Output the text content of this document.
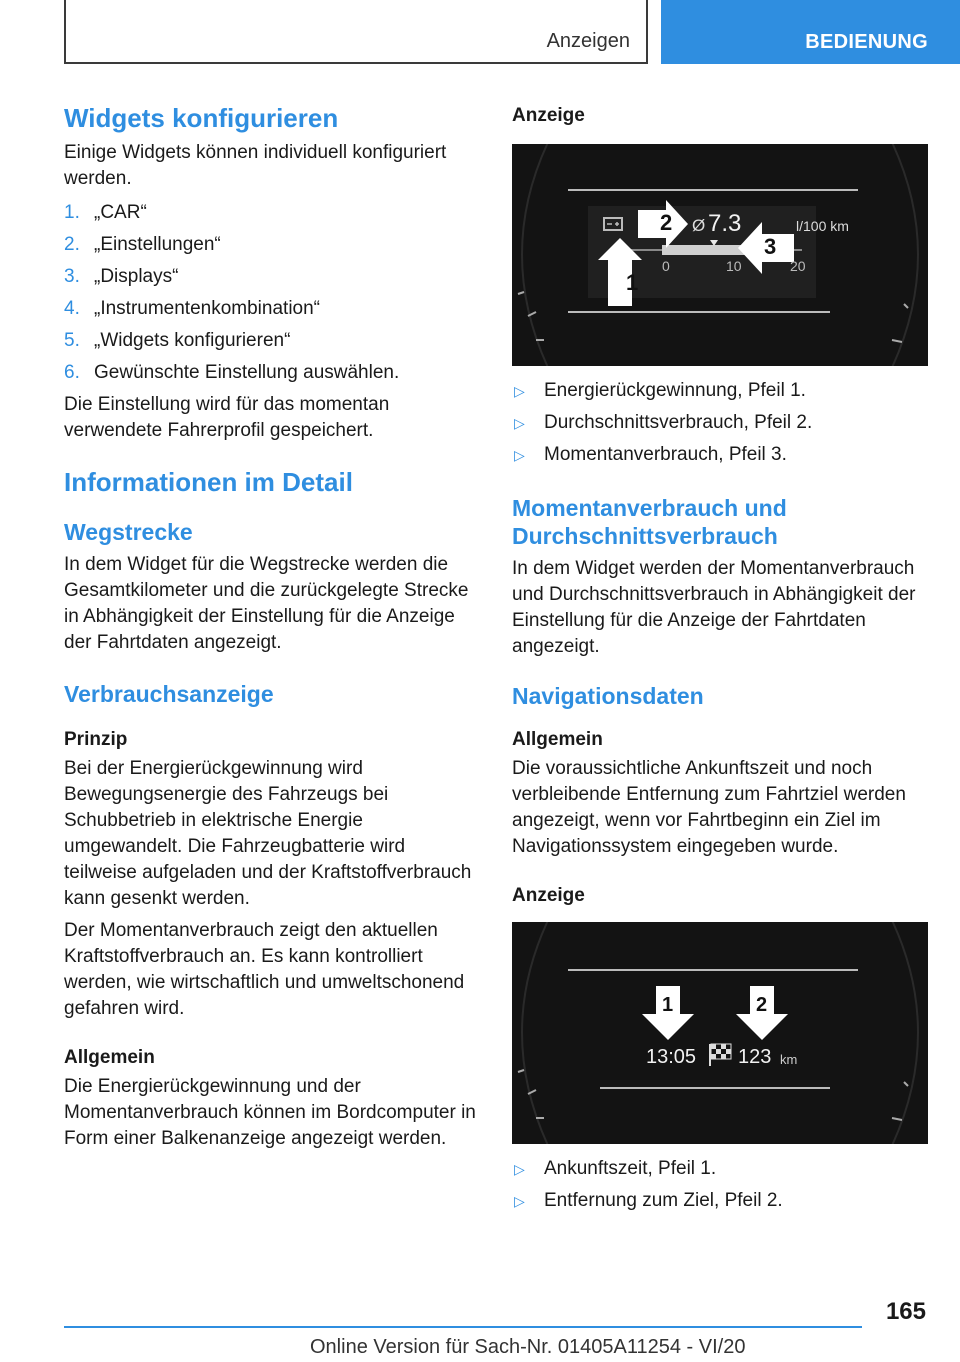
Anzeigen	BEDIENUNG
Widgets konfigurieren

Einige Widgets können individuell konfiguriert werden.

1. „CAR“
2. „Einstellungen“
3. „Displays“
4. „Instrumentenkombination“
5. „Widgets konfigurieren“
6. Gewünschte Einstellung auswählen.

Die Einstellung wird für das momentan verwendete Fahrerprofil gespeichert.

Informationen im Detail
Wegstrecke

In dem Widget für die Wegstrecke werden die Gesamtkilometer und die zurückgelegte Strecke in Abhängigkeit der Einstellung für die Anzeige der Fahrtdaten angezeigt.

Verbrauchsanzeige
Prinzip

Bei der Energierückgewinnung wird Bewegungsenergie des Fahrzeugs bei Schubbetrieb in elektrische Energie umgewandelt. Die Fahrzeugbatterie wird teilweise aufgeladen und der Kraftstoffverbrauch kann gesenkt werden.

Der Momentanverbrauch zeigt den aktuellen Kraftstoffverbrauch an. Es kann kontrolliert werden, wie wirtschaftlich und umweltschonend gefahren wird.

Allgemein

Die Energierückgewinnung und der Momentanverbrauch können im Bordcomputer in Form einer Balkenanzeige angezeigt werden.

Anzeige
1
2
3
Ø 7.3	l/100 km
0	10	20
▷	Energierückgewinnung, Pfeil 1.
▷	Durchschnittsverbrauch, Pfeil 2.
▷	Momentanverbrauch, Pfeil 3.
Momentanverbrauch und Durchschnittsverbrauch

In dem Widget werden der Momentanverbrauch und Durchschnittsverbrauch in Abhängigkeit der Einstellung für die Anzeige der Fahrtdaten angezeigt.

Navigationsdaten
Allgemein

Die voraussichtliche Ankunftszeit und noch verbleibende Entfernung zum Fahrtziel werden angezeigt, wenn vor Fahrtbeginn ein Ziel im Navigationssystem eingegeben wurde.

Anzeige
1	2
13:05 123 km
▷	Ankunftszeit, Pfeil 1.
▷	Entfernung zum Ziel, Pfeil 2.
165
Online Version für Sach-Nr. 01405A11254 - VI/20
